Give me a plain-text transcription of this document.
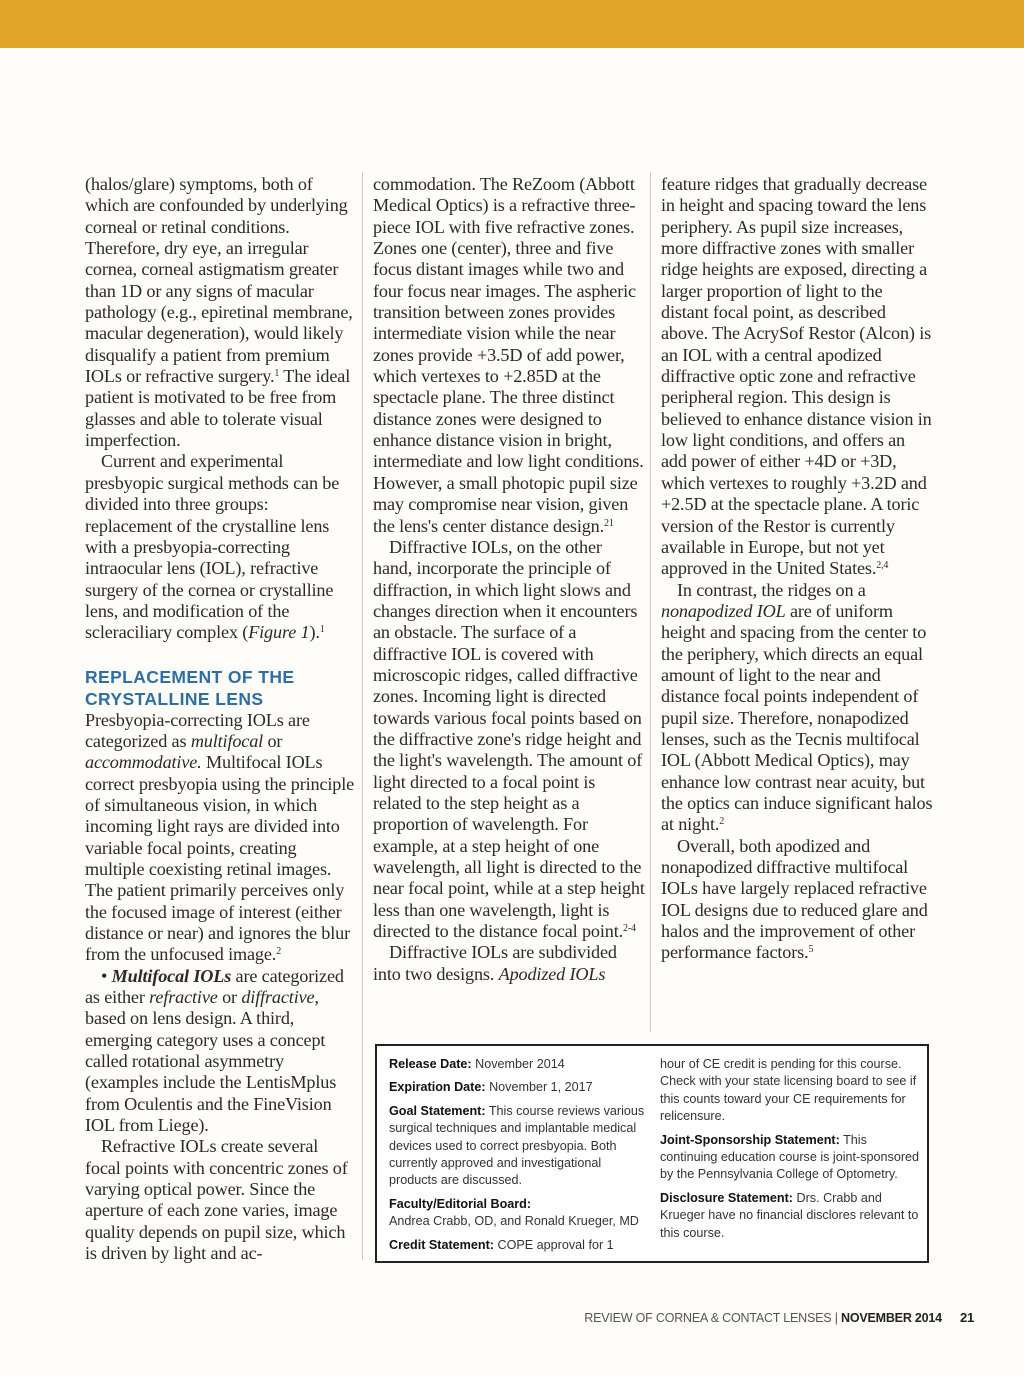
(halos/glare) symptoms, both of which are confounded by underlying corneal or retinal conditions. Therefore, dry eye, an irregular cornea, corneal astigmatism greater than 1D or any signs of macular pathology (e.g., epiretinal membrane, macular degeneration), would likely disqualify a patient from premium IOLs or refractive surgery.$^1$ The ideal patient is motivated to be free from glasses and able to tolerate visual imperfection.

Current and experimental presbyopic surgical methods can be divided into three groups: replacement of the crystalline lens with a presbyopia-correcting intraocular lens (IOL), refractive surgery of the cornea or crystalline lens, and modification of the scleraciliary complex (Figure 1).$^1$

REPLACEMENT OF THE CRYSTALLINE LENS

Presbyopia-correcting IOLs are categorized as multifocal or accommodative. Multifocal IOLs correct presbyopia using the principle of simultaneous vision, in which incoming light rays are divided into variable focal points, creating multiple coexisting retinal images. The patient primarily perceives only the focused image of interest (either distance or near) and ignores the blur from the unfocused image.$^2$

• Multifocal IOLs are categorized as either refractive or diffractive, based on lens design. A third, emerging category uses a concept called rotational asymmetry (examples include the LentisMplus from Oculentis and the FineVision IOL from Liege).

Refractive IOLs create several focal points with concentric zones of varying optical power. Since the aperture of each zone varies, image quality depends on pupil size, which is driven by light and ac-

commodation. The ReZoom (Abbott Medical Optics) is a refractive three-piece IOL with five refractive zones. Zones one (center), three and five focus distant images while two and four focus near images. The aspheric transition between zones provides intermediate vision while the near zones provide +3.5D of add power, which vertexes to +2.85D at the spectacle plane. The three distinct distance zones were designed to enhance distance vision in bright, intermediate and low light conditions. However, a small photopic pupil size may compromise near vision, given the lens's center distance design.$^{21}$

Diffractive IOLs, on the other hand, incorporate the principle of diffraction, in which light slows and changes direction when it encounters an obstacle. The surface of a diffractive IOL is covered with microscopic ridges, called diffractive zones. Incoming light is directed towards various focal points based on the diffractive zone's ridge height and the light's wavelength. The amount of light directed to a focal point is related to the step height as a proportion of wavelength. For example, at a step height of one wavelength, all light is directed to the near focal point, while at a step height less than one wavelength, light is directed to the distance focal point.$^{2-4}$

Diffractive IOLs are subdivided into two designs. Apodized IOLs

feature ridges that gradually decrease in height and spacing toward the lens periphery. As pupil size increases, more diffractive zones with smaller ridge heights are exposed, directing a larger proportion of light to the distant focal point, as described above. The AcrySof Restor (Alcon) is an IOL with a central apodized diffractive optic zone and refractive peripheral region. This design is believed to enhance distance vision in low light conditions, and offers an add power of either +4D or +3D, which vertexes to roughly +3.2D and +2.5D at the spectacle plane. A toric version of the Restor is currently available in Europe, but not yet approved in the United States.$^{2,4}$

In contrast, the ridges on a nonapodized IOL are of uniform height and spacing from the center to the periphery, which directs an equal amount of light to the near and distance focal points independent of pupil size. Therefore, nonapodized lenses, such as the Tecnis multifocal IOL (Abbott Medical Optics), may enhance low contrast near acuity, but the optics can induce significant halos at night.$^2$

Overall, both apodized and nonapodized diffractive multifocal IOLs have largely replaced refractive IOL designs due to reduced glare and halos and the improvement of other performance factors.$^5$

Release Date: November 2014

Expiration Date: November 1, 2017

Goal Statement: This course reviews various surgical techniques and implantable medical devices used to correct presbyopia. Both currently approved and investigational products are discussed.

Faculty/Editorial Board:
Andrea Crabb, OD, and Ronald Krueger, MD

Credit Statement: COPE approval for 1

hour of CE credit is pending for this course. Check with your state licensing board to see if this counts toward your CE requirements for relicensure.

Joint-Sponsorship Statement: This continuing education course is joint-sponsored by the Pennsylvania College of Optometry.

Disclosure Statement: Drs. Crabb and Krueger have no financial disclores relevant to this course.

REVIEW OF CORNEA & CONTACT LENSES | NOVEMBER 2014 21
